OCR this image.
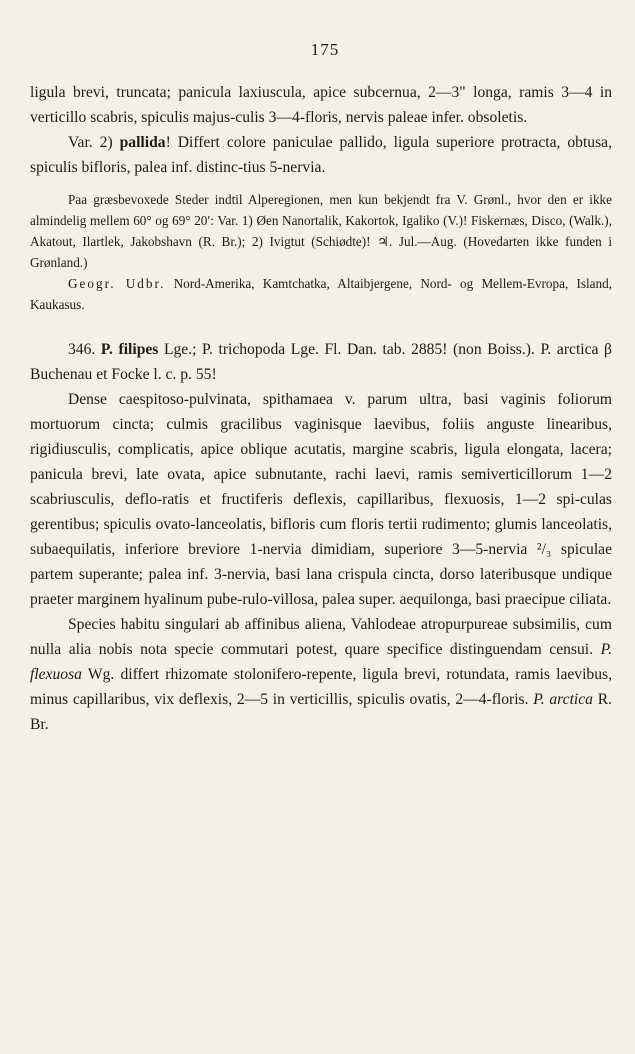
175

ligula brevi, truncata; panicula laxiuscula, apice subcernua, 2—3" longa, ramis 3—4 in verticillo scabris, spiculis majus-culis 3—4-floris, nervis paleae infer. obsoletis.

Var. 2) pallida! Differt colore paniculae pallido, ligula superiore protracta, obtusa, spiculis bifloris, palea inf. distinc-tius 5-nervia.

Paa græsbevoxede Steder indtil Alperegionen, men kun bekjendt fra V. Grønl., hvor den er ikke almindelig mellem 60° og 69° 20′: Var. 1) Øen Nanortalik, Kakortok, Igaliko (V.)! Fiskernæs, Disco, (Walk.), Akatout, Ilartlek, Jakobshavn (R. Br.); 2) Ivigtut (Schiødte)! ♃. Jul.—Aug. (Hovedarten ikke funden i Grønland.)

Geogr. Udbr. Nord-Amerika, Kamtchatka, Altaibjergene, Nord- og Mellem-Evropa, Island, Kaukasus.

346. P. filipes Lge.; P. trichopoda Lge. Fl. Dan. tab. 2885! (non Boiss.). P. arctica β Buchenau et Focke l. c. p. 55!

Dense caespitoso-pulvinata, spithamaea v. parum ultra, basi vaginis foliorum mortuorum cincta; culmis gracilibus vaginisque laevibus, foliis anguste linearibus, rigidiusculis, complicatis, apice oblique acutatis, margine scabris, ligula elongata, lacera; panicula brevi, late ovata, apice subnutante, rachi laevi, ramis semiverticillorum 1—2 scabriusculis, deflo-ratis et fructiferis deflexis, capillaribus, flexuosis, 1—2 spi-culas gerentibus; spiculis ovato-lanceolatis, bifloris cum floris tertii rudimento; glumis lanceolatis, subaequilatis, inferiore breviore 1-nervia dimidiam, superiore 3—5-nervia ²/₃ spiculae partem superante; palea inf. 3-nervia, basi lana crispula cincta, dorso lateribusque undique praeter marginem hyalinum pube-rulo-villosa, palea super. aequilonga, basi praecipue ciliata.

Species habitu singulari ab affinibus aliena, Vahlodeae atropurpureae subsimilis, cum nulla alia nobis nota specie commutari potest, quare specifice distinguendam censui. P. flexuosa Wg. differt rhizomate stolonifero-repente, ligula brevi, rotundata, ramis laevibus, minus capillaribus, vix deflexis, 2—5 in verticillis, spiculis ovatis, 2—4-floris. P. arctica R. Br.
